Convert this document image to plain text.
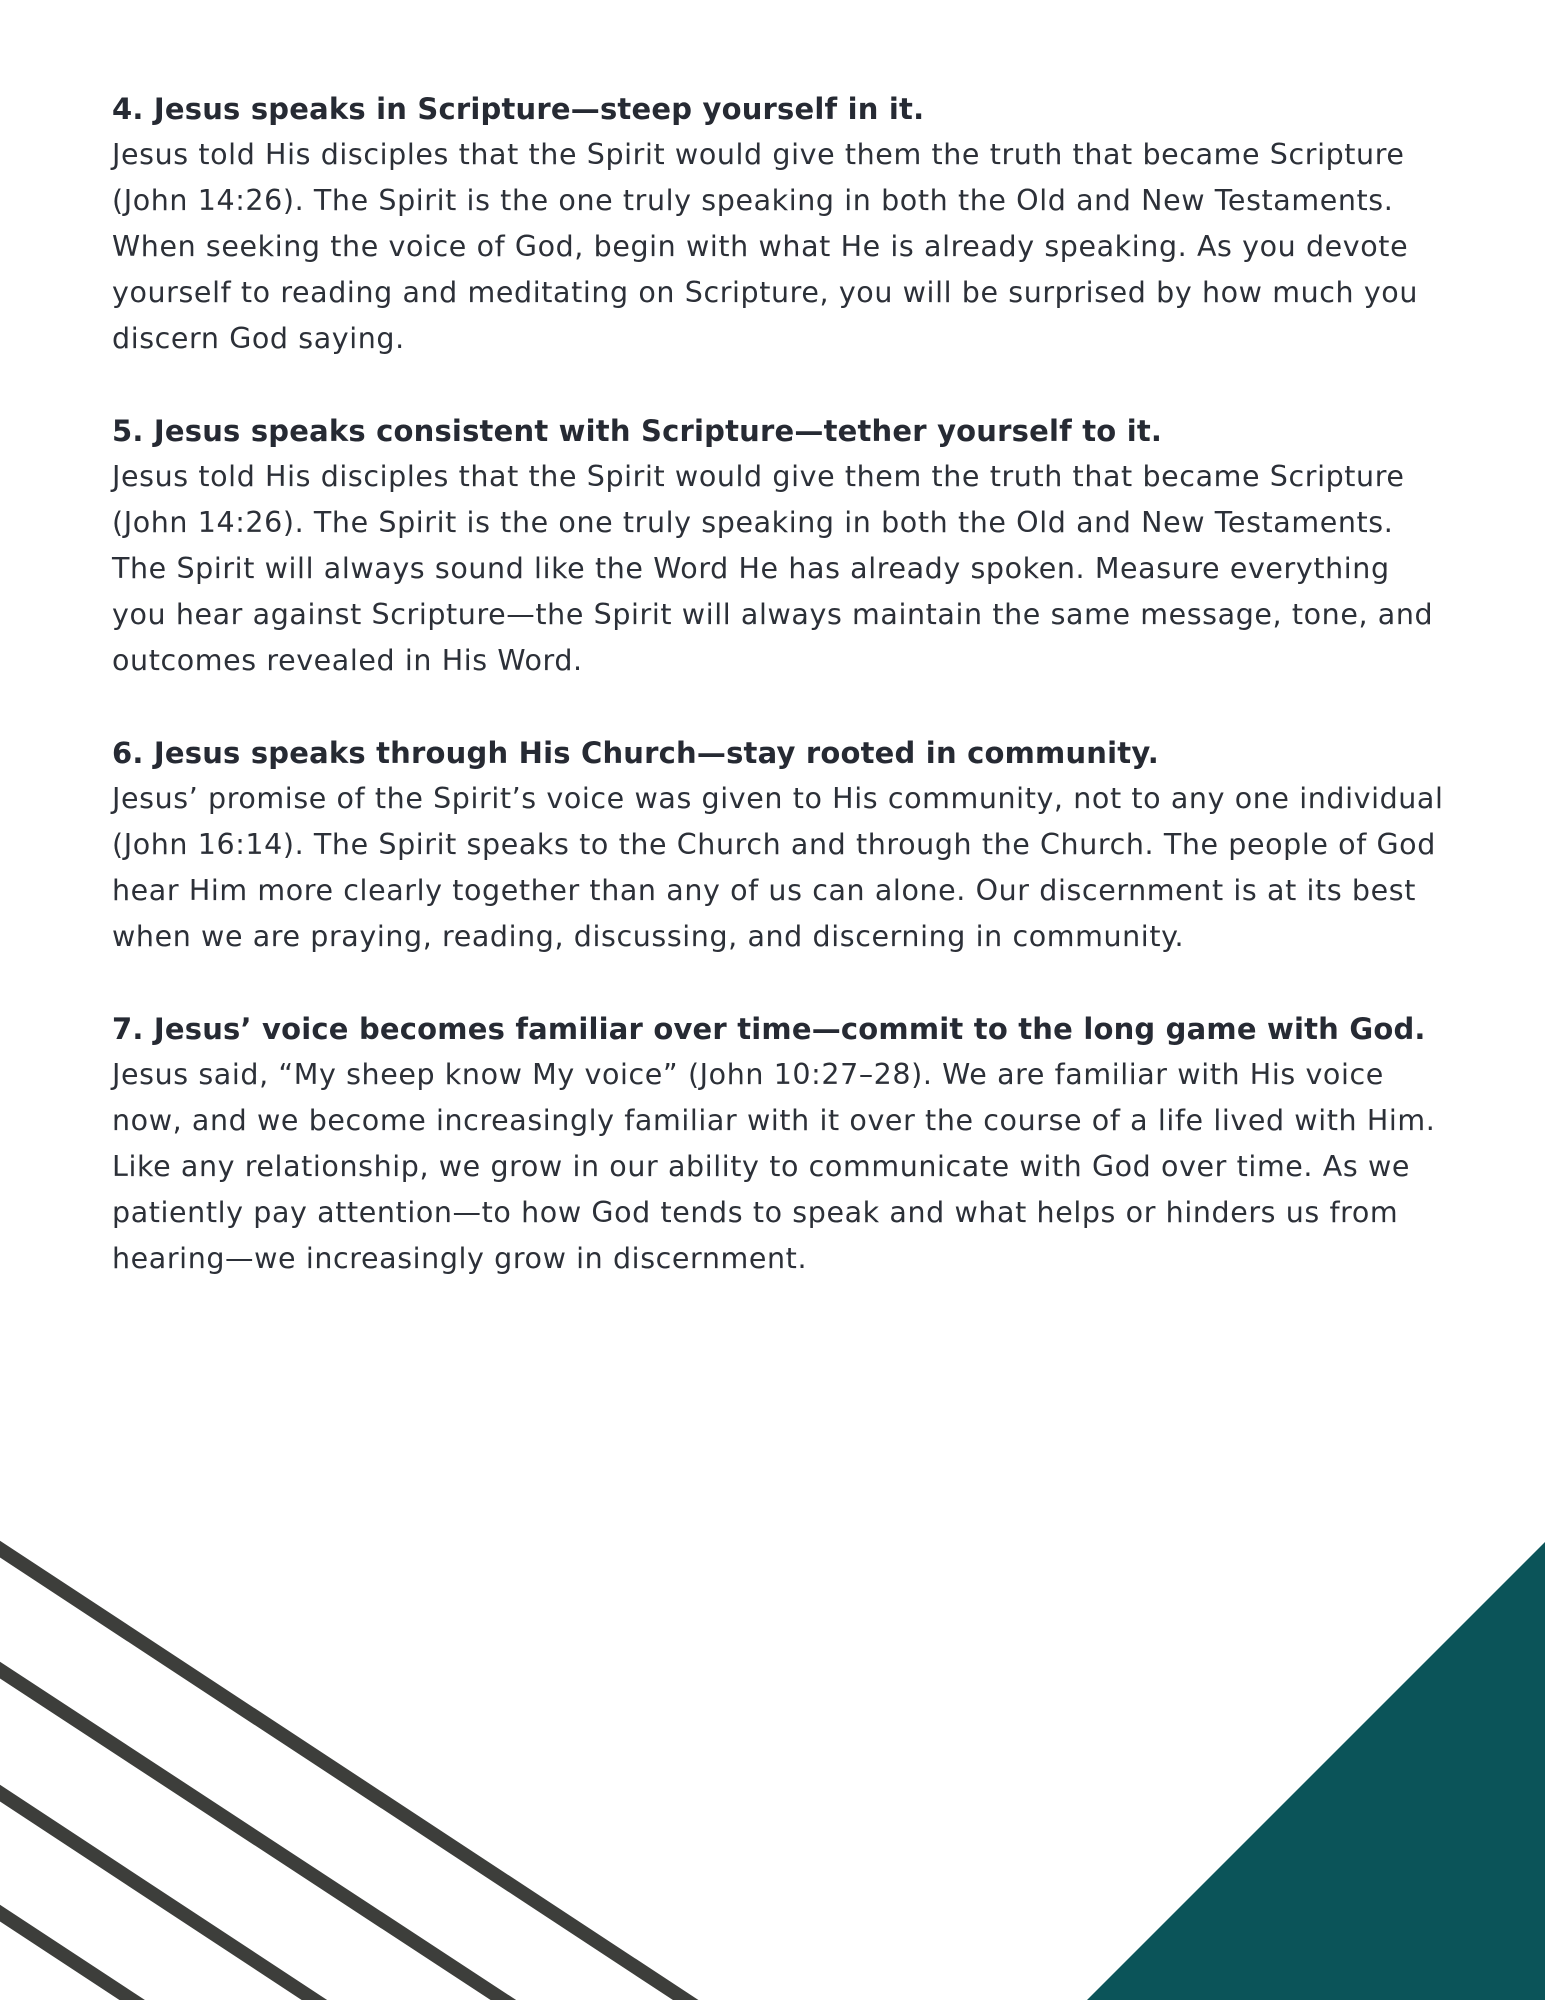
4. Jesus speaks in Scripture—steep yourself in it.

Jesus told His disciples that the Spirit would give them the truth that became Scripture (John 14:26). The Spirit is the one truly speaking in both the Old and New Testaments. When seeking the voice of God, begin with what He is already speaking. As you devote yourself to reading and meditating on Scripture, you will be surprised by how much you discern God saying.

5. Jesus speaks consistent with Scripture—tether yourself to it.

Jesus told His disciples that the Spirit would give them the truth that became Scripture (John 14:26). The Spirit is the one truly speaking in both the Old and New Testaments. The Spirit will always sound like the Word He has already spoken. Measure everything you hear against Scripture—the Spirit will always maintain the same message, tone, and outcomes revealed in His Word.

6. Jesus speaks through His Church—stay rooted in community.

Jesus’ promise of the Spirit’s voice was given to His community, not to any one individual (John 16:14). The Spirit speaks to the Church and through the Church. The people of God hear Him more clearly together than any of us can alone. Our discernment is at its best when we are praying, reading, discussing, and discerning in community.

7. Jesus’ voice becomes familiar over time—commit to the long game with God.

Jesus said, “My sheep know My voice” (John 10:27–28). We are familiar with His voice now, and we become increasingly familiar with it over the course of a life lived with Him. Like any relationship, we grow in our ability to communicate with God over time. As we patiently pay attention—to how God tends to speak and what helps or hinders us from hearing—we increasingly grow in discernment.
